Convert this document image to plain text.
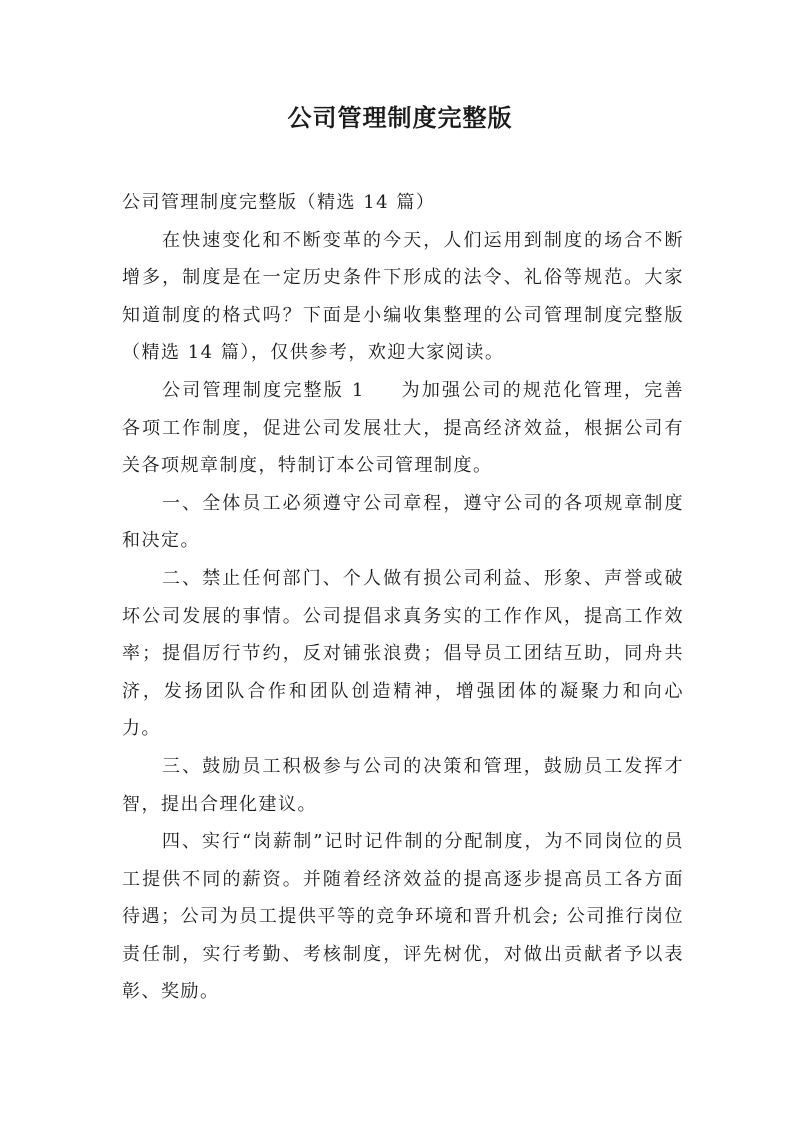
公司管理制度完整版

公司管理制度完整版（精选 14 篇）

在快速变化和不断变革的今天，人们运用到制度的场合不断增多，制度是在一定历史条件下形成的法令、礼俗等规范。大家知道制度的格式吗？下面是小编收集整理的公司管理制度完整版（精选 14 篇），仅供参考，欢迎大家阅读。

公司管理制度完整版 1 为加强公司的规范化管理，完善各项工作制度，促进公司发展壮大，提高经济效益，根据公司有关各项规章制度，特制订本公司管理制度。

一、全体员工必须遵守公司章程，遵守公司的各项规章制度和决定。

二、禁止任何部门、个人做有损公司利益、形象、声誉或破坏公司发展的事情。公司提倡求真务实的工作作风，提高工作效率；提倡厉行节约，反对铺张浪费；倡导员工团结互助，同舟共济，发扬团队合作和团队创造精神，增强团体的凝聚力和向心力。

三、鼓励员工积极参与公司的决策和管理，鼓励员工发挥才智，提出合理化建议。

四、实行“岗薪制”记时记件制的分配制度，为不同岗位的员工提供不同的薪资。并随着经济效益的提高逐步提高员工各方面待遇；公司为员工提供平等的竞争环境和晋升机会; 公司推行岗位责任制，实行考勤、考核制度，评先树优，对做出贡献者予以表彰、奖励。
